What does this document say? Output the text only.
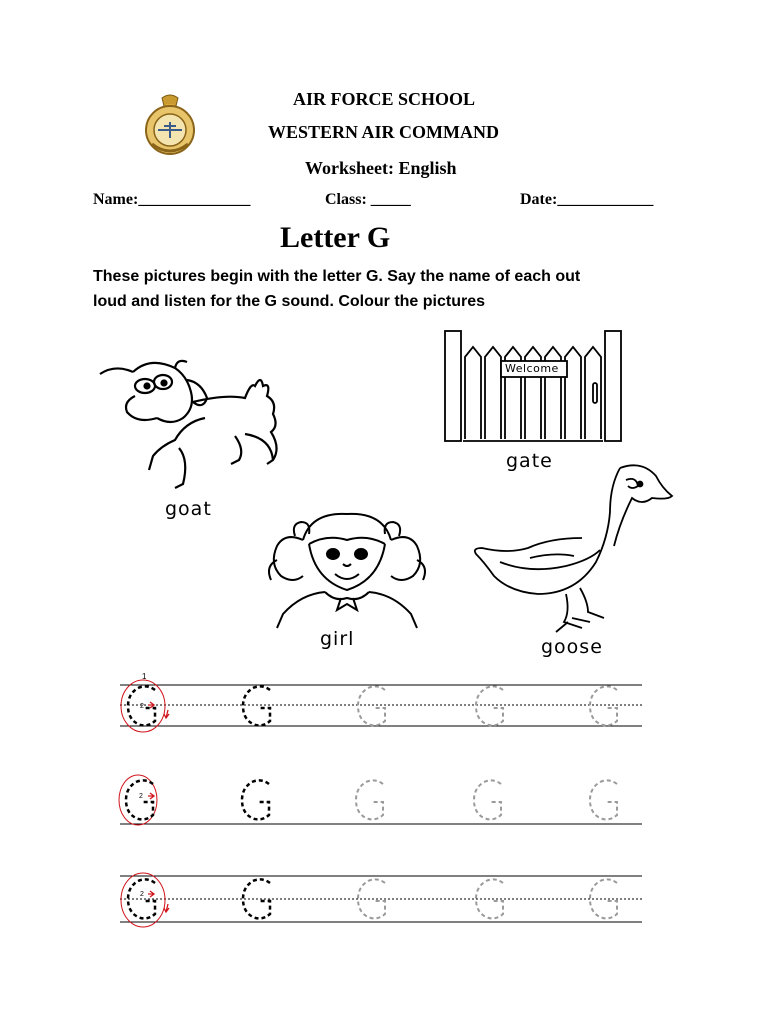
AIR FORCE SCHOOL
WESTERN AIR COMMAND
Worksheet: English
Name:______________	Class: _____	Date:____________
Letter G
These pictures begin with the letter G. Say the name of each out
loud and listen for the G sound. Colour the pictures
goat
Welcome
gate
girl	goose
1
2
2
2
